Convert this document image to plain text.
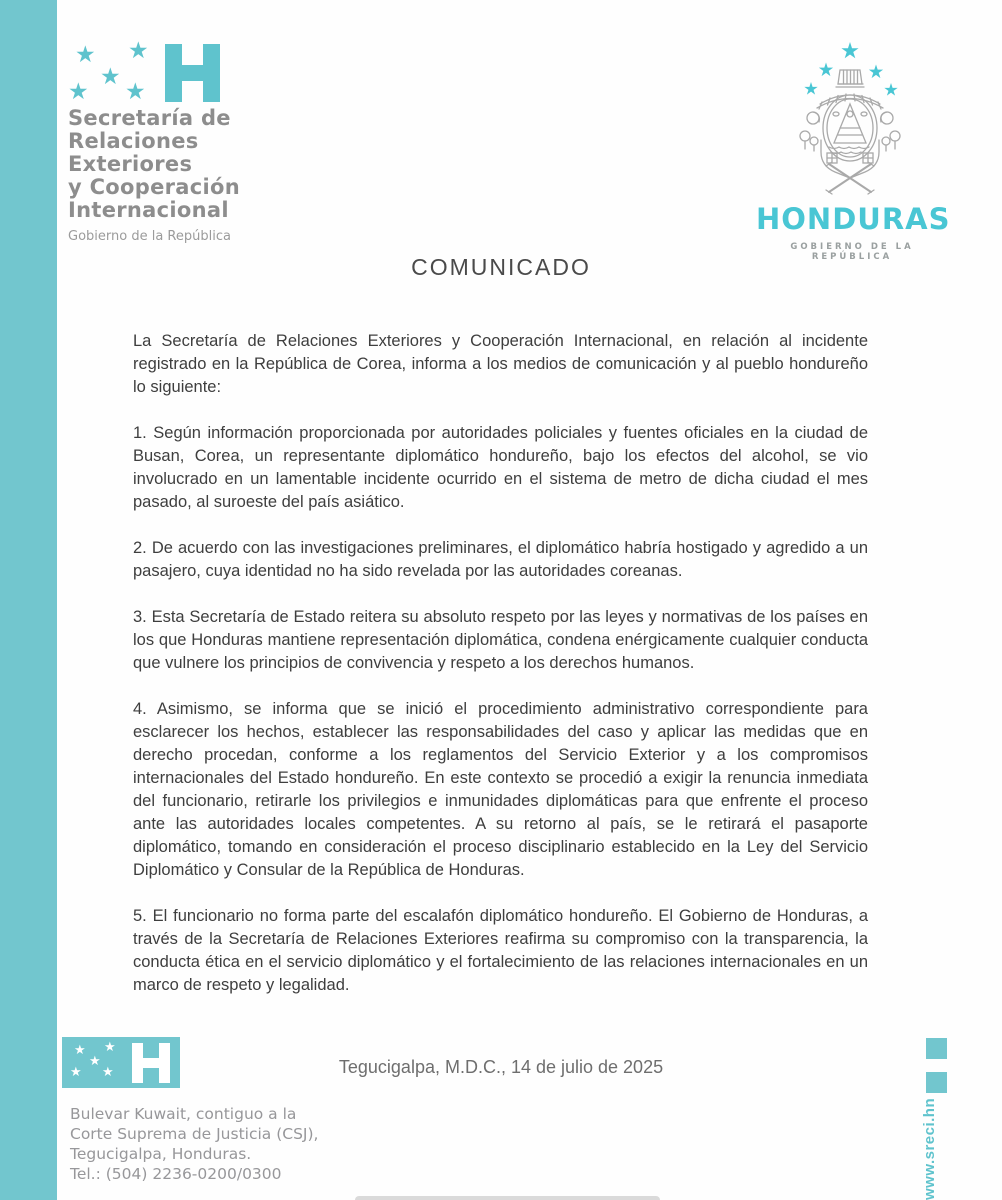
★ ★
★
★ ★
Secretaría de
Relaciones
Exteriores
y Cooperación
Internacional
Gobierno de la República
HONDURAS
GOBIERNO DE LA REPÚBLICA
COMUNICADO

La Secretaría de Relaciones Exteriores y Cooperación Internacional, en relación al incidente registrado en la República de Corea, informa a los medios de comunicación y al pueblo hondureño lo siguiente:

1. Según información proporcionada por autoridades policiales y fuentes oficiales en la ciudad de Busan, Corea, un representante diplomático hondureño, bajo los efectos del alcohol, se vio involucrado en un lamentable incidente ocurrido en el sistema de metro de dicha ciudad el mes pasado, al suroeste del país asiático.

2. De acuerdo con las investigaciones preliminares, el diplomático habría hostigado y agredido a un pasajero, cuya identidad no ha sido revelada por las autoridades coreanas.

3. Esta Secretaría de Estado reitera su absoluto respeto por las leyes y normativas de los países en los que Honduras mantiene representación diplomática, condena enérgicamente cualquier conducta que vulnere los principios de convivencia y respeto a los derechos humanos.

4. Asimismo, se informa que se inició el procedimiento administrativo correspondiente para esclarecer los hechos, establecer las responsabilidades del caso y aplicar las medidas que en derecho procedan, conforme a los reglamentos del Servicio Exterior y a los compromisos internacionales del Estado hondureño. En este contexto se procedió a exigir la renuncia inmediata del funcionario, retirarle los privilegios e inmunidades diplomáticas para que enfrente el proceso ante las autoridades locales competentes. A su retorno al país, se le retirará el pasaporte diplomático, tomando en consideración el proceso disciplinario establecido en la Ley del Servicio Diplomático y Consular de la República de Honduras.

5. El funcionario no forma parte del escalafón diplomático hondureño. El Gobierno de Honduras, a través de la Secretaría de Relaciones Exteriores reafirma su compromiso con la transparencia, la conducta ética en el servicio diplomático y el fortalecimiento de las relaciones internacionales en un marco de respeto y legalidad.

★ ★
★
★ ★	Tegucigalpa, M.D.C., 14 de julio de 2025
Bulevar Kuwait, contiguo a la
Corte Suprema de Justicia (CSJ),
Tegucigalpa, Honduras.
Tel.: (504) 2236-0200/0300	www.sreci.hn
